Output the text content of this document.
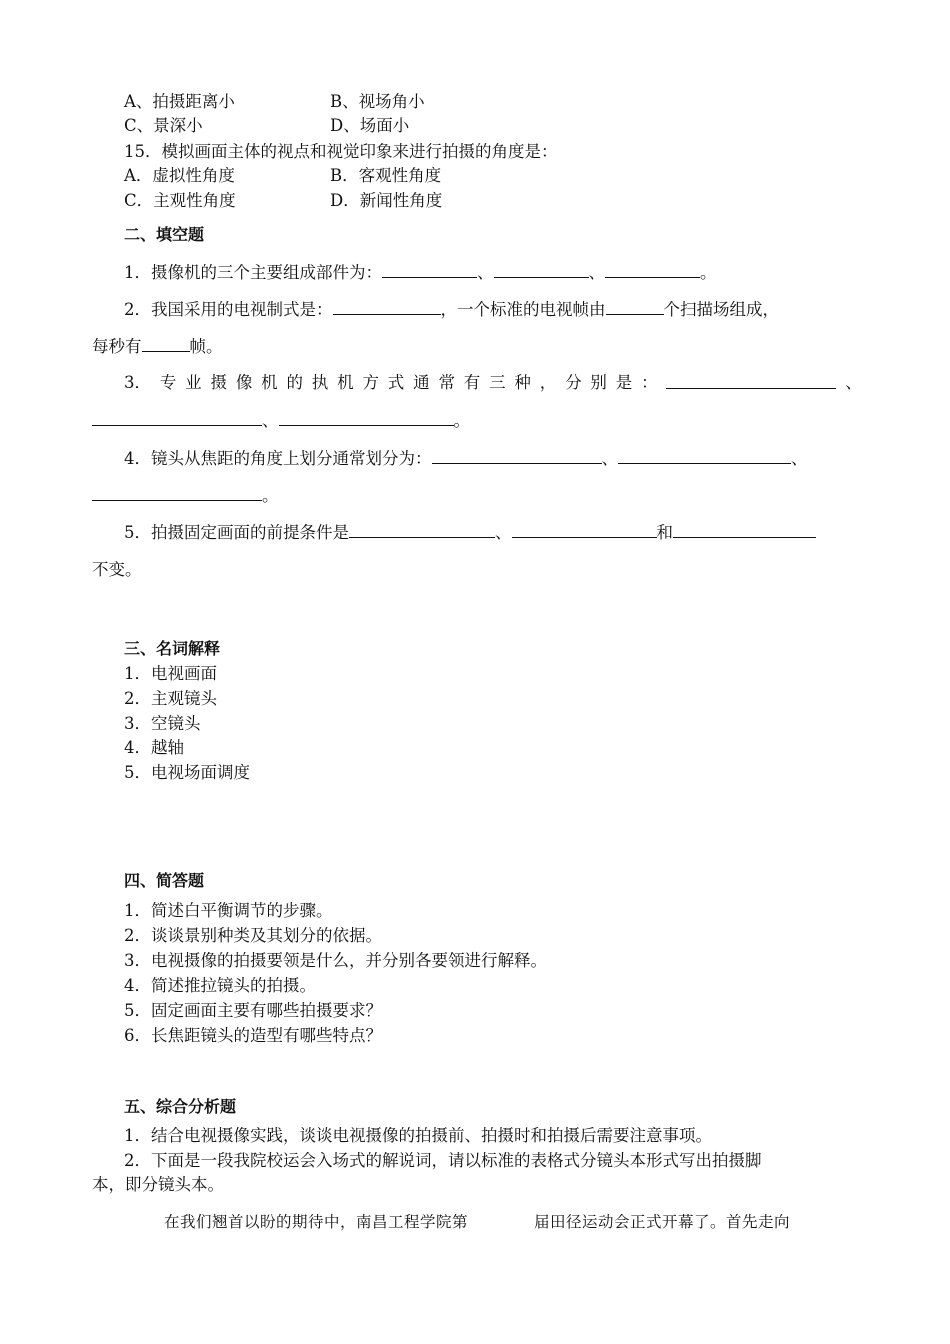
A、拍摄距离小	B、视场角小
C、景深小	D、场面小
15．模拟画面主体的视点和视觉印象来进行拍摄的角度是：
A．虚拟性角度	B．客观性角度
C．主观性角度	D．新闻性角度
二、填空题
1．摄像机的三个主要组成部件为：	、	、	。
2．我国采用的电视制式是：	，一个标准的电视帧由	个扫描场组成，
每秒有	帧。
3． 专 业 摄 像 机 的 执 机 方 式 通 常 有 三 种 ， 分 别 是 ：	、
、	。
4．镜头从焦距的角度上划分通常划分为：	、	、
。
5．拍摄固定画面的前提条件是	、	和
不变。
三、名词解释
1．电视画面
2．主观镜头
3．空镜头
4．越轴
5．电视场面调度
四、简答题
1．简述白平衡调节的步骤。
2．谈谈景别种类及其划分的依据。
3．电视摄像的拍摄要领是什么，并分别各要领进行解释。
4．简述推拉镜头的拍摄。
5．固定画面主要有哪些拍摄要求？
6．长焦距镜头的造型有哪些特点？
五、综合分析题
1．结合电视摄像实践，谈谈电视摄像的拍摄前、拍摄时和拍摄后需要注意事项。
2．下面是一段我院校运会入场式的解说词，请以标准的表格式分镜头本形式写出拍摄脚
本，即分镜头本。
在我们翘首以盼的期待中，南昌工程学院第	届田径运动会正式开幕了。首先走向
